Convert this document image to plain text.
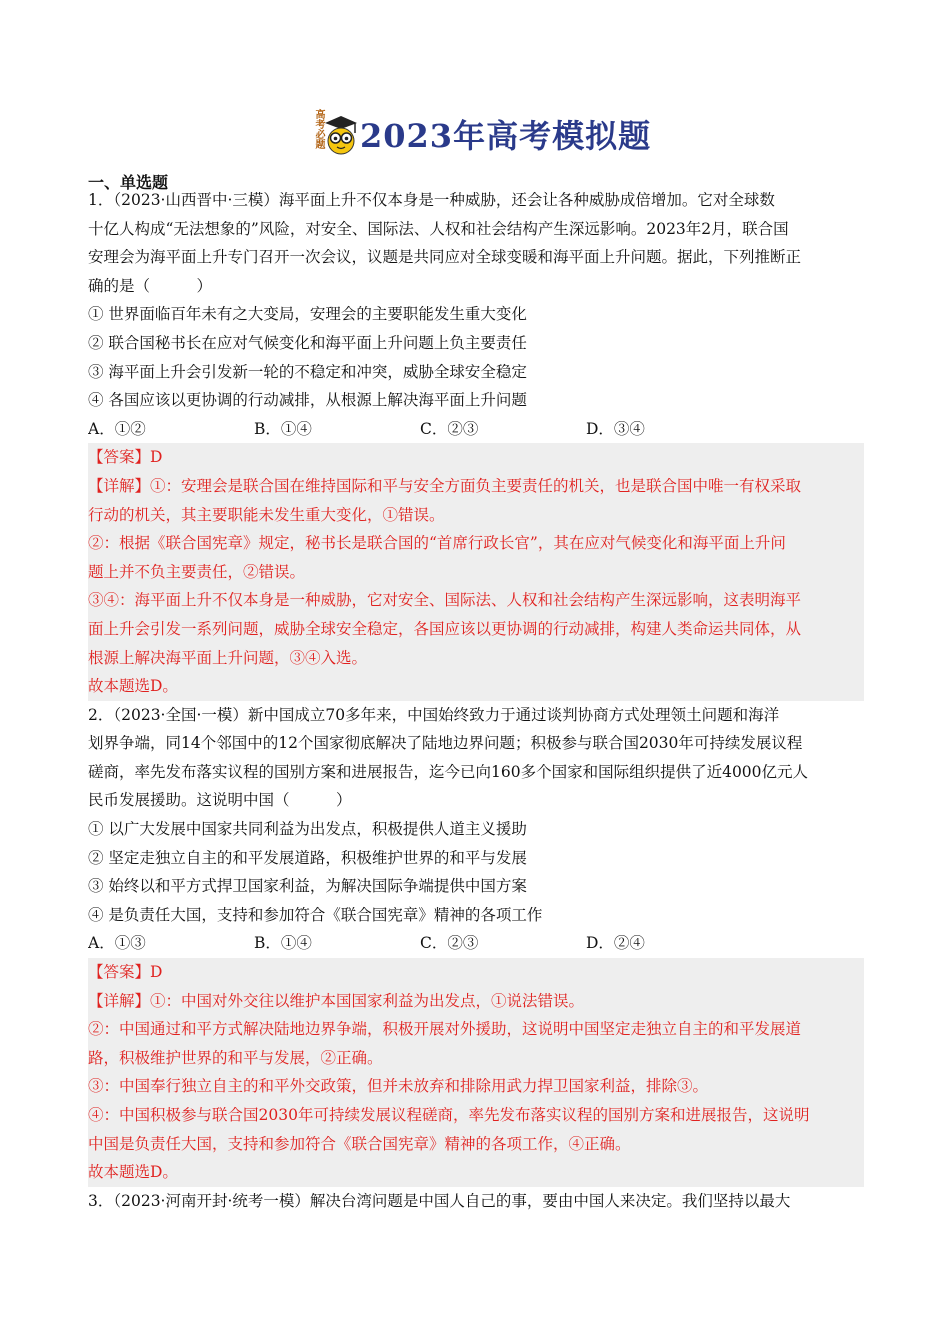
高考必题 2023年高考模拟题
一、单选题
1．（2023·山西晋中·三模）海平面上升不仅本身是一种威胁，还会让各种威胁成倍增加。它对全球数
十亿人构成“无法想象的”风险，对安全、国际法、人权和社会结构产生深远影响。2023年2月，联合国
安理会为海平面上升专门召开一次会议，议题是共同应对全球变暖和海平面上升问题。据此，下列推断正
确的是（　　　）
① 世界面临百年未有之大变局，安理会的主要职能发生重大变化
② 联合国秘书长在应对气候变化和海平面上升问题上负主要责任
③ 海平面上升会引发新一轮的不稳定和冲突，威胁全球安全稳定
④ 各国应该以更协调的行动减排，从根源上解决海平面上升问题
A．①②	B．①④	C．②③	D．③④
【答案】D
【详解】①：安理会是联合国在维持国际和平与安全方面负主要责任的机关，也是联合国中唯一有权采取
行动的机关，其主要职能未发生重大变化，①错误。
②：根据《联合国宪章》规定，秘书长是联合国的“首席行政长官”，其在应对气候变化和海平面上升问
题上并不负主要责任，②错误。
③④：海平面上升不仅本身是一种威胁，它对安全、国际法、人权和社会结构产生深远影响，这表明海平
面上升会引发一系列问题，威胁全球安全稳定，各国应该以更协调的行动减排，构建人类命运共同体，从
根源上解决海平面上升问题，③④入选。
故本题选D。
2．（2023·全国·一模）新中国成立70多年来，中国始终致力于通过谈判协商方式处理领土问题和海洋
划界争端，同14个邻国中的12个国家彻底解决了陆地边界问题；积极参与联合国2030年可持续发展议程
磋商，率先发布落实议程的国别方案和进展报告，迄今已向160多个国家和国际组织提供了近4000亿元人
民币发展援助。这说明中国（　　　）
① 以广大发展中国家共同利益为出发点，积极提供人道主义援助
② 坚定走独立自主的和平发展道路，积极维护世界的和平与发展
③ 始终以和平方式捍卫国家利益，为解决国际争端提供中国方案
④ 是负责任大国，支持和参加符合《联合国宪章》精神的各项工作
A．①③	B．①④	C．②③	D．②④
【答案】D
【详解】①：中国对外交往以维护本国国家利益为出发点，①说法错误。
②：中国通过和平方式解决陆地边界争端，积极开展对外援助，这说明中国坚定走独立自主的和平发展道
路，积极维护世界的和平与发展，②正确。
③：中国奉行独立自主的和平外交政策，但并未放弃和排除用武力捍卫国家利益，排除③。
④：中国积极参与联合国2030年可持续发展议程磋商，率先发布落实议程的国别方案和进展报告，这说明
中国是负责任大国，支持和参加符合《联合国宪章》精神的各项工作，④正确。
故本题选D。
3．（2023·河南开封·统考一模）解决台湾问题是中国人自己的事，要由中国人来决定。我们坚持以最大
